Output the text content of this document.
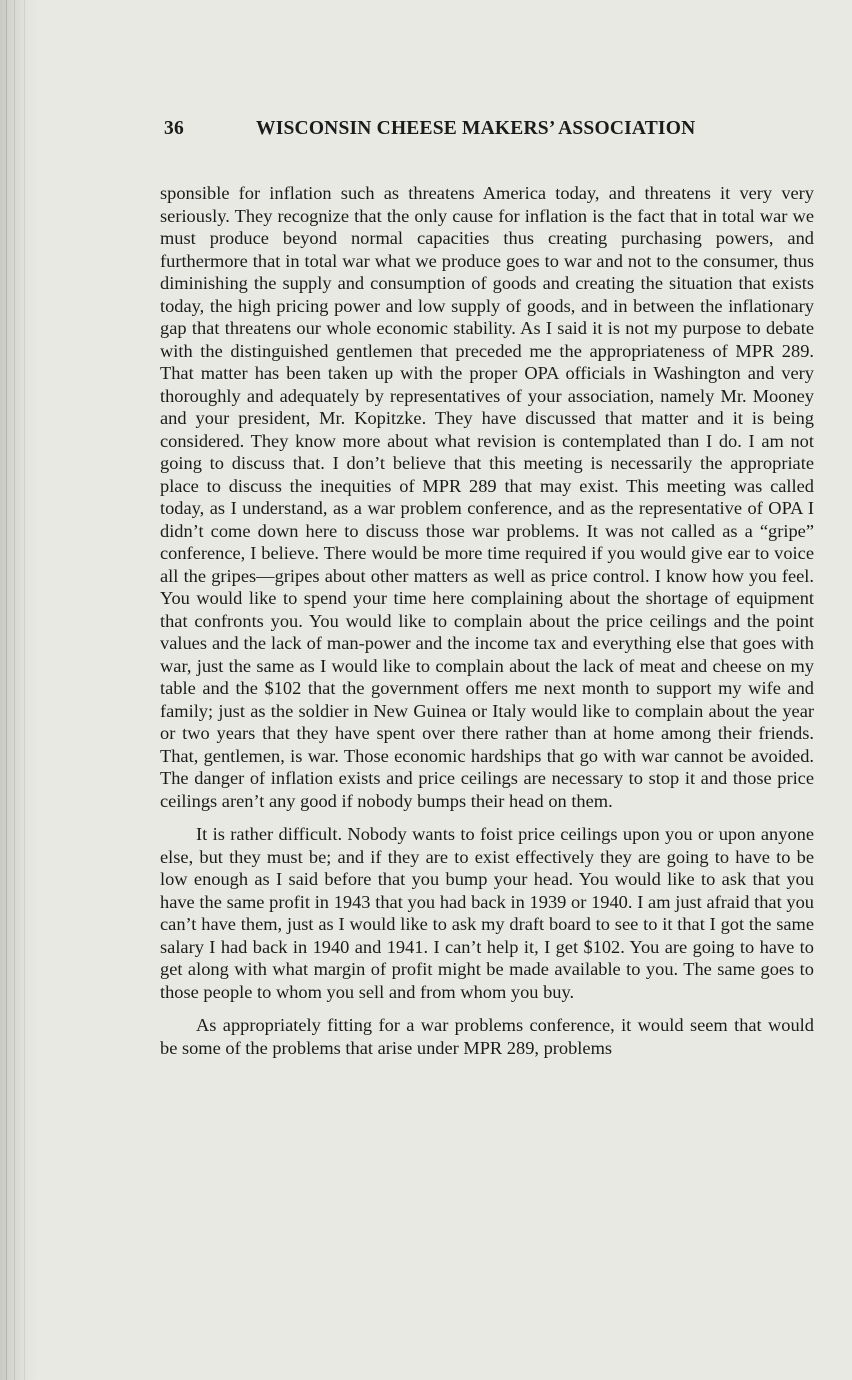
36	WISCONSIN CHEESE MAKERS’ ASSOCIATION

sponsible for inflation such as threatens America today, and threatens it very very seriously. They recognize that the only cause for inflation is the fact that in total war we must produce beyond normal capacities thus creating purchasing powers, and furthermore that in total war what we produce goes to war and not to the consumer, thus diminishing the supply and consumption of goods and creating the situation that exists today, the high pricing power and low supply of goods, and in between the inflationary gap that threatens our whole economic stability. As I said it is not my purpose to debate with the distinguished gentlemen that preceded me the appropriateness of MPR 289. That matter has been taken up with the proper OPA officials in Washington and very thoroughly and adequately by representatives of your association, namely Mr. Mooney and your president, Mr. Kopitzke. They have discussed that matter and it is being considered. They know more about what revision is contemplated than I do. I am not going to discuss that. I don’t believe that this meeting is necessarily the appropriate place to discuss the inequities of MPR 289 that may exist. This meeting was called today, as I understand, as a war problem conference, and as the representative of OPA I didn’t come down here to discuss those war problems. It was not called as a “gripe” conference, I believe. There would be more time required if you would give ear to voice all the gripes—gripes about other matters as well as price control. I know how you feel. You would like to spend your time here complaining about the shortage of equipment that confronts you. You would like to complain about the price ceilings and the point values and the lack of man-power and the income tax and everything else that goes with war, just the same as I would like to complain about the lack of meat and cheese on my table and the $102 that the government offers me next month to support my wife and family; just as the soldier in New Guinea or Italy would like to complain about the year or two years that they have spent over there rather than at home among their friends. That, gentlemen, is war. Those economic hardships that go with war cannot be avoided. The danger of inflation exists and price ceilings are necessary to stop it and those price ceilings aren’t any good if nobody bumps their head on them.

It is rather difficult. Nobody wants to foist price ceilings upon you or upon anyone else, but they must be; and if they are to exist effectively they are going to have to be low enough as I said before that you bump your head. You would like to ask that you have the same profit in 1943 that you had back in 1939 or 1940. I am just afraid that you can’t have them, just as I would like to ask my draft board to see to it that I got the same salary I had back in 1940 and 1941. I can’t help it, I get $102. You are going to have to get along with what margin of profit might be made available to you. The same goes to those people to whom you sell and from whom you buy.

As appropriately fitting for a war problems conference, it would seem that would be some of the problems that arise under MPR 289, problems
